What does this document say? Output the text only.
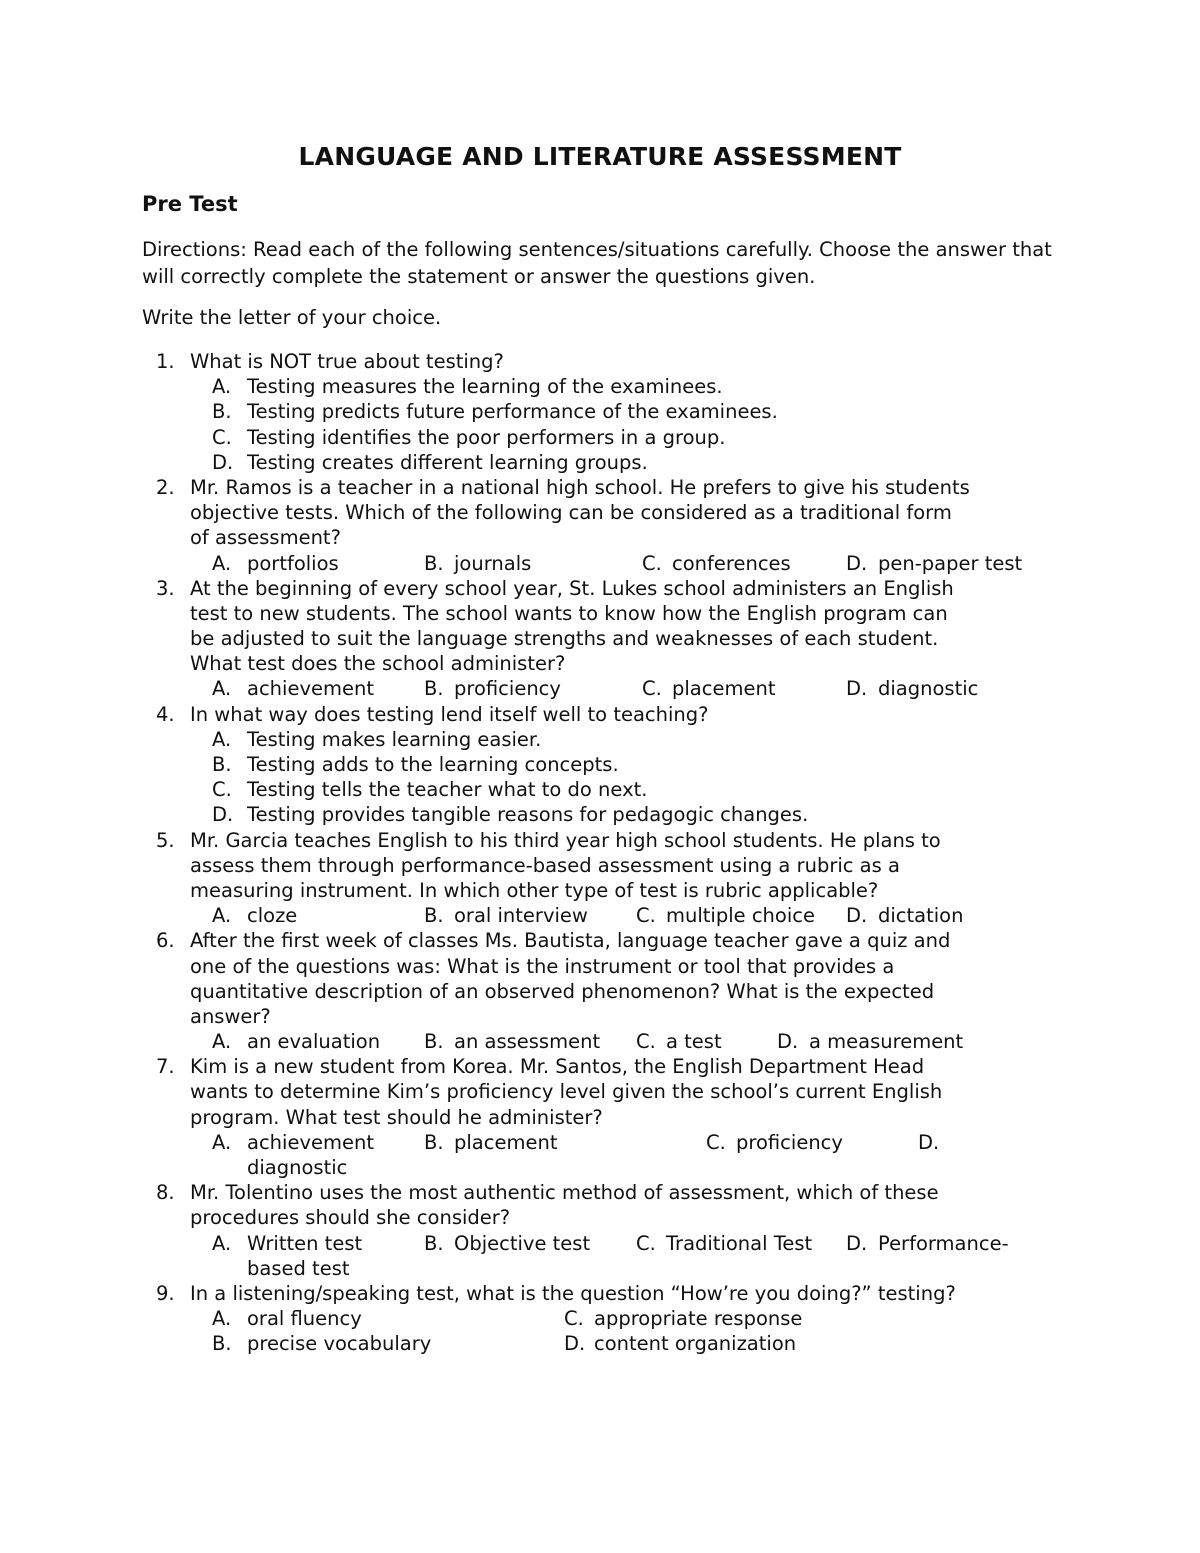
LANGUAGE AND LITERATURE ASSESSMENT
Pre Test
Directions: Read each of the following sentences/situations carefully. Choose the answer that will correctly complete the statement or answer the questions given.
Write the letter of your choice.
1. What is NOT true about testing?
A. Testing measures the learning of the examinees.
B. Testing predicts future performance of the examinees.
C. Testing identifies the poor performers in a group.
D. Testing creates different learning groups.
2. Mr. Ramos is a teacher in a national high school. He prefers to give his students
objective tests. Which of the following can be considered as a traditional form
of assessment?
A. portfolios	B. journals	C. conferences	D. pen-paper test
3. At the beginning of every school year, St. Lukes school administers an English
test to new students. The school wants to know how the English program can
be adjusted to suit the language strengths and weaknesses of each student.
What test does the school administer?
A. achievement	B. proficiency	C. placement	D. diagnostic
4. In what way does testing lend itself well to teaching?
A. Testing makes learning easier.
B. Testing adds to the learning concepts.
C. Testing tells the teacher what to do next.
D. Testing provides tangible reasons for pedagogic changes.
5. Mr. Garcia teaches English to his third year high school students. He plans to
assess them through performance-based assessment using a rubric as a
measuring instrument. In which other type of test is rubric applicable?
A. cloze	B. oral interview C. multiple choice D. dictation
6. After the first week of classes Ms. Bautista, language teacher gave a quiz and
one of the questions was: What is the instrument or tool that provides a
quantitative description of an observed phenomenon? What is the expected
answer?
A. an evaluation B. an assessment C. a test	D. a measurement
7. Kim is a new student from Korea. Mr. Santos, the English Department Head
wants to determine Kim’s proficiency level given the school’s current English
program. What test should he administer?
A. achievement	B. placement	C. proficiency	D.
diagnostic
8. Mr. Tolentino uses the most authentic method of assessment, which of these
procedures should she consider?
A. Written test	B. Objective test C. Traditional Test D. Performance-
based test
9. In a listening/speaking test, what is the question “How’re you doing?” testing?
A. oral fluency	C. appropriate response
B. precise vocabulary	D. content organization
